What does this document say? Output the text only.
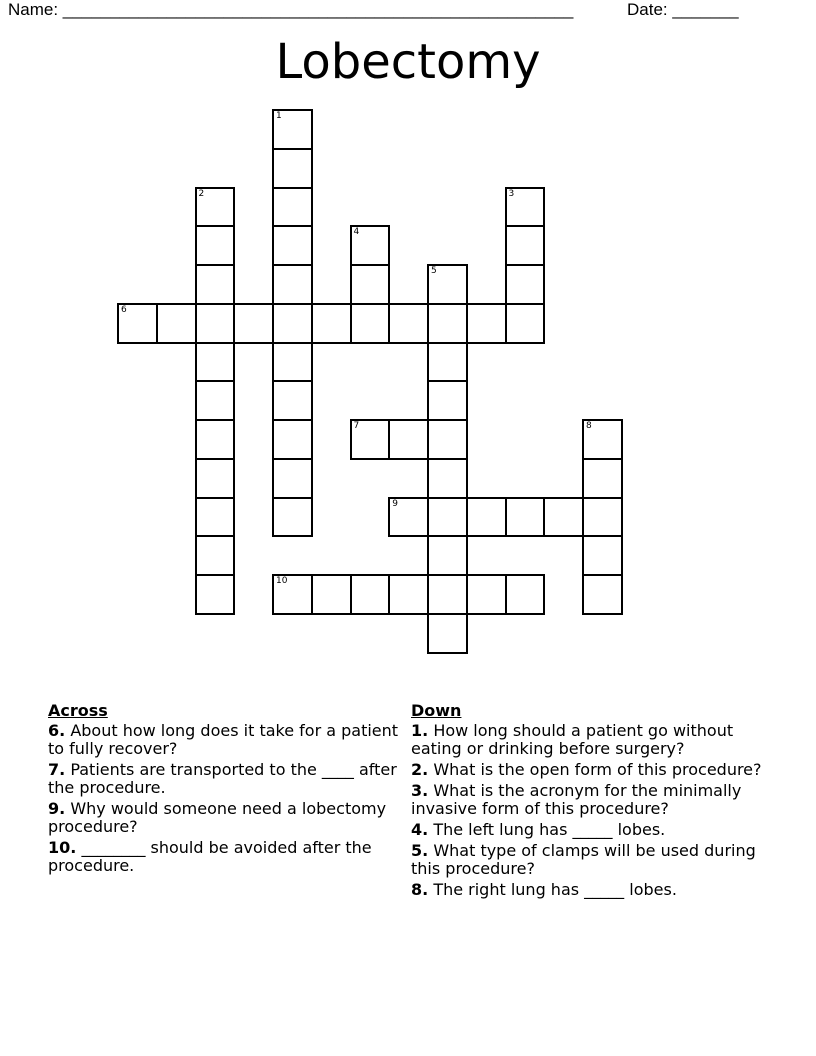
Name: ______________________________________________________	Date: _______
Lobectomy
1
2	3
4
5
6
7	8
9
10
Across
6. About how long does it take for a patient to fully recover?
7. Patients are transported to the ____ after the procedure.
9. Why would someone need a lobectomy procedure?
10. ________ should be avoided after the procedure.
Down
1. How long should a patient go without eating or drinking before surgery?
2. What is the open form of this procedure?
3. What is the acronym for the minimally invasive form of this procedure?
4. The left lung has _____ lobes.
5. What type of clamps will be used during this procedure?
8. The right lung has _____ lobes.
